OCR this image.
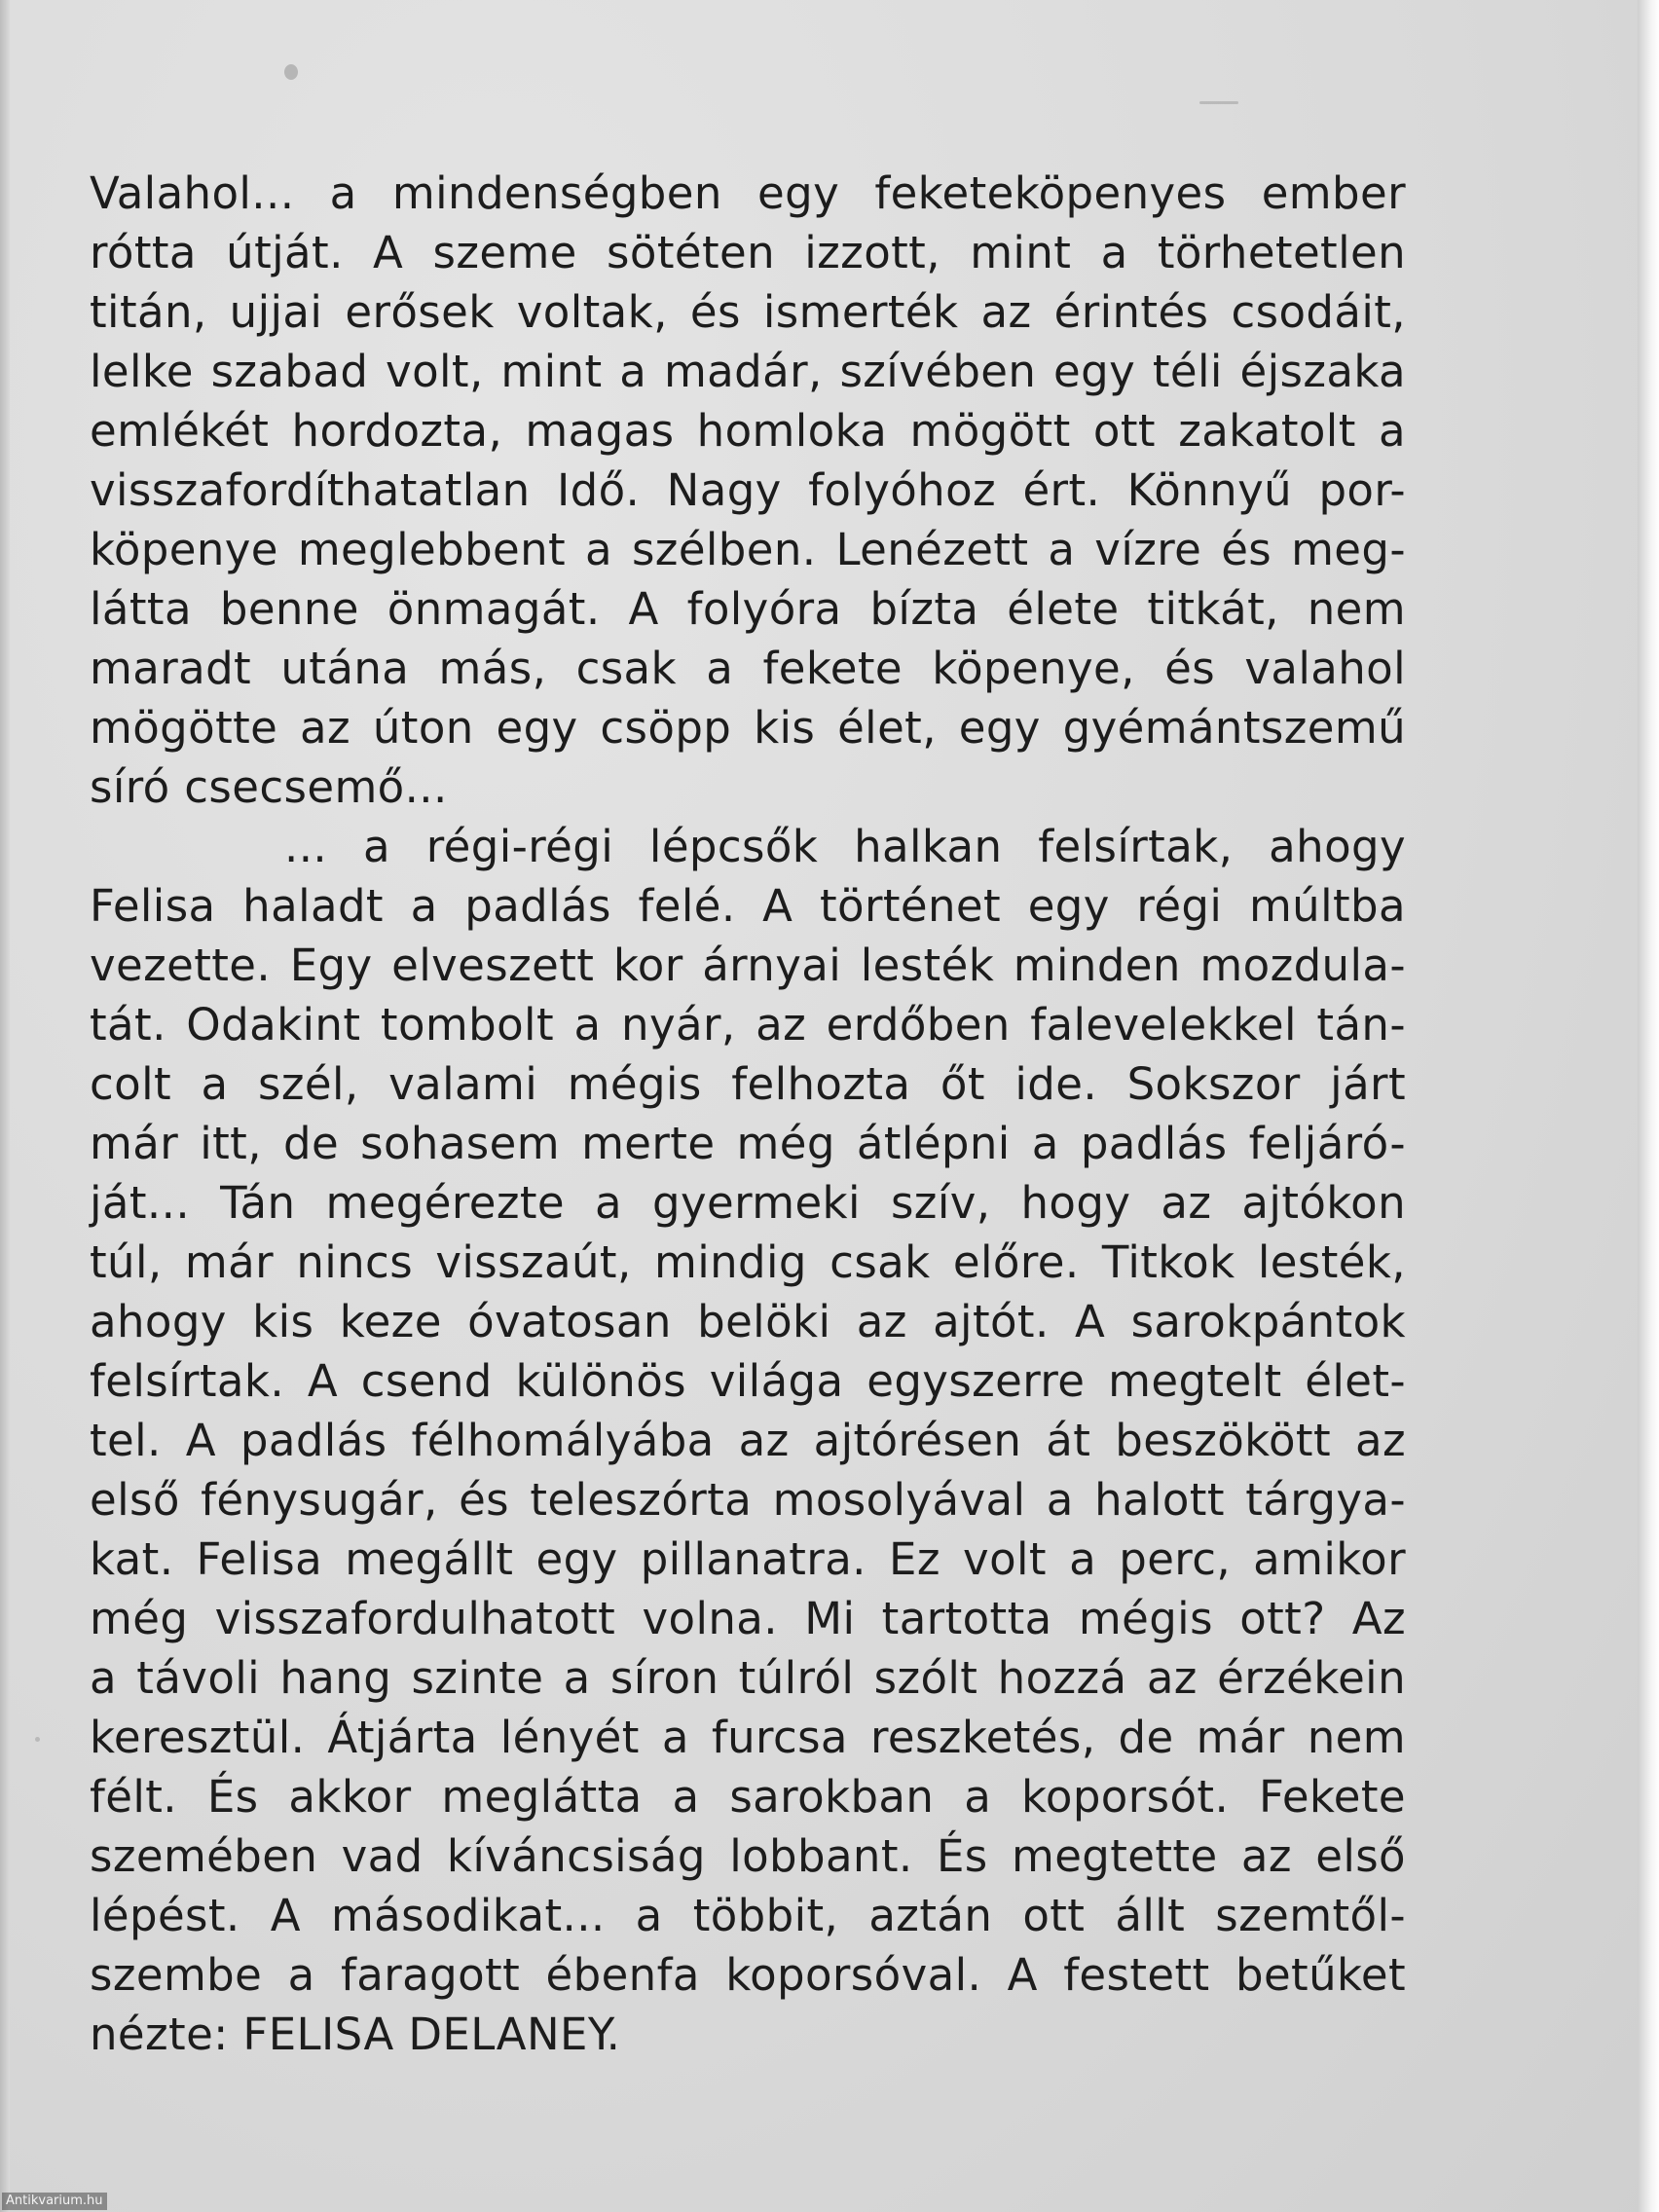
Valahol... a mindenségben egy feketeköpenyes ember
rótta útját. A szeme sötéten izzott, mint a törhetetlen
titán, ujjai erősek voltak, és ismerték az érintés csodáit,
lelke szabad volt, mint a madár, szívében egy téli éjszaka
emlékét hordozta, magas homloka mögött ott zakatolt a
visszafordíthatatlan Idő. Nagy folyóhoz ért. Könnyű por-
köpenye meglebbent a szélben. Lenézett a vízre és meg-
látta benne önmagát. A folyóra bízta élete titkát, nem
maradt utána más, csak a fekete köpenye, és valahol
mögötte az úton egy csöpp kis élet, egy gyémántszemű
síró csecsemő...
... a régi-régi lépcsők halkan felsírtak, ahogy
Felisa haladt a padlás felé. A történet egy régi múltba
vezette. Egy elveszett kor árnyai lesték minden mozdula-
tát. Odakint tombolt a nyár, az erdőben falevelekkel tán-
colt a szél, valami mégis felhozta őt ide. Sokszor járt
már itt, de sohasem merte még átlépni a padlás feljáró-
ját... Tán megérezte a gyermeki szív, hogy az ajtókon
túl, már nincs visszaút, mindig csak előre. Titkok lesték,
ahogy kis keze óvatosan belöki az ajtót. A sarokpántok
felsírtak. A csend különös világa egyszerre megtelt élet-
tel. A padlás félhomályába az ajtórésen át beszökött az
első fénysugár, és teleszórta mosolyával a halott tárgya-
kat. Felisa megállt egy pillanatra. Ez volt a perc, amikor
még visszafordulhatott volna. Mi tartotta mégis ott? Az
a távoli hang szinte a síron túlról szólt hozzá az érzékein
keresztül. Átjárta lényét a furcsa reszketés, de már nem
félt. És akkor meglátta a sarokban a koporsót. Fekete
szemében vad kíváncsiság lobbant. És megtette az első
lépést. A másodikat... a többit, aztán ott állt szemtől-
szembe a faragott ébenfa koporsóval. A festett betűket
nézte: FELISA DELANEY.
Antikvarium.hu
